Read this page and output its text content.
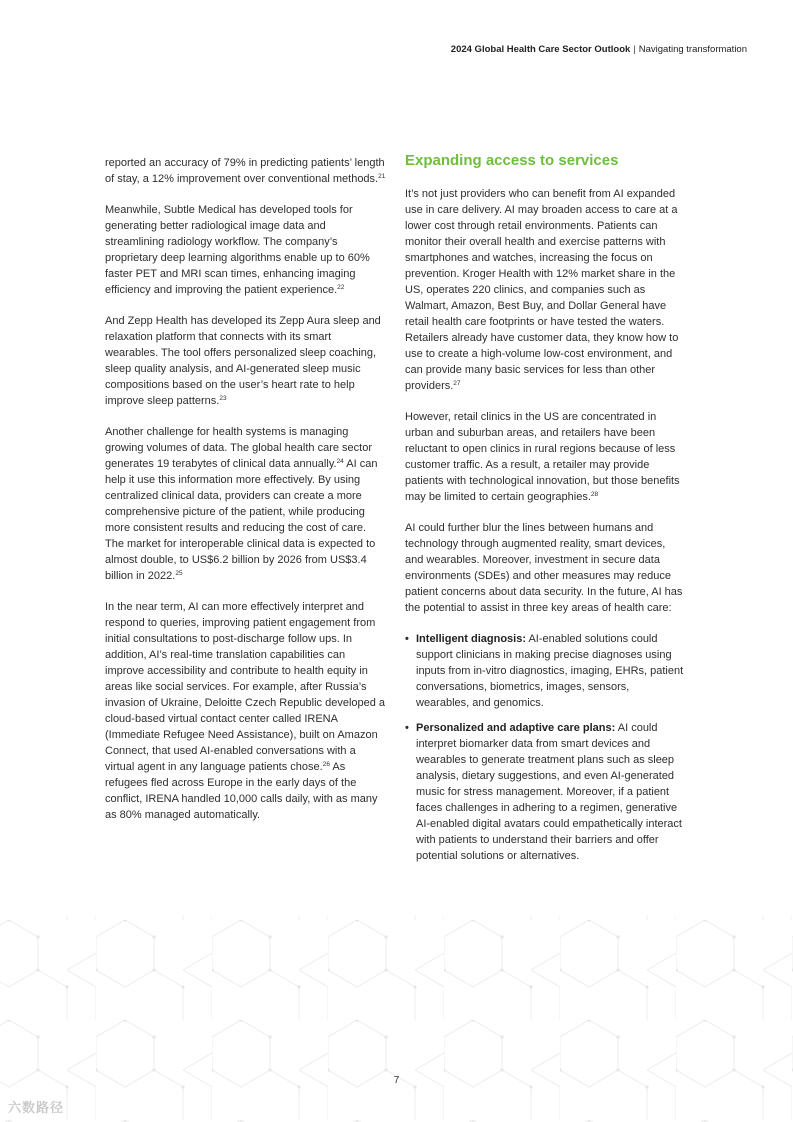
2024 Global Health Care Sector Outlook | Navigating transformation

reported an accuracy of 79% in predicting patients’ length of stay, a 12% improvement over conventional methods.$^{21}$

Meanwhile, Subtle Medical has developed tools for generating better radiological image data and streamlining radiology workflow. The company’s proprietary deep learning algorithms enable up to 60% faster PET and MRI scan times, enhancing imaging efficiency and improving the patient experience.$^{22}$

And Zepp Health has developed its Zepp Aura sleep and relaxation platform that connects with its smart wearables. The tool offers personalized sleep coaching, sleep quality analysis, and AI-generated sleep music compositions based on the user’s heart rate to help improve sleep patterns.$^{23}$

Another challenge for health systems is managing growing volumes of data. The global health care sector generates 19 terabytes of clinical data annually.$^{24}$ AI can help it use this information more effectively. By using centralized clinical data, providers can create a more comprehensive picture of the patient, while producing more consistent results and reducing the cost of care. The market for interoperable clinical data is expected to almost double, to US$6.2 billion by 2026 from US$3.4 billion in 2022.25

In the near term, AI can more effectively interpret and respond to queries, improving patient engagement from initial consultations to post-discharge follow ups. In addition, AI’s real-time translation capabilities can improve accessibility and contribute to health equity in areas like social services. For example, after Russia’s invasion of Ukraine, Deloitte Czech Republic developed a cloud-based virtual contact center called IRENA (Immediate Refugee Need Assistance), built on Amazon Connect, that used AI-enabled conversations with a virtual agent in any language patients chose.$^{26}$ As refugees fled across Europe in the early days of the conflict, IRENA handled 10,000 calls daily, with as many as 80% managed automatically.

Expanding access to services

It’s not just providers who can benefit from AI expanded use in care delivery. AI may broaden access to care at a lower cost through retail environments. Patients can monitor their overall health and exercise patterns with smartphones and watches, increasing the focus on prevention. Kroger Health with 12% market share in the US, operates 220 clinics, and companies such as Walmart, Amazon, Best Buy, and Dollar General have retail health care footprints or have tested the waters. Retailers already have customer data, they know how to use to create a high-volume low-cost environment, and can provide many basic services for less than other providers.$^{27}$

However, retail clinics in the US are concentrated in urban and suburban areas, and retailers have been reluctant to open clinics in rural regions because of less customer traffic. As a result, a retailer may provide patients with technological innovation, but those benefits may be limited to certain geographies.$^{28}$

AI could further blur the lines between humans and technology through augmented reality, smart devices, and wearables. Moreover, investment in secure data environments (SDEs) and other measures may reduce patient concerns about data security. In the future, AI has the potential to assist in three key areas of health care:

• Intelligent diagnosis: AI-enabled solutions could support clinicians in making precise diagnoses using inputs from in-vitro diagnostics, imaging, EHRs, patient conversations, biometrics, images, sensors, wearables, and genomics.
• Personalized and adaptive care plans: AI could interpret biomarker data from smart devices and wearables to generate treatment plans such as sleep analysis, dietary suggestions, and even AI-generated music for stress management. Moreover, if a patient faces challenges in adhering to a regimen, generative AI-enabled digital avatars could empathetically interact with patients to understand their barriers and offer potential solutions or alternatives.
7
六数路径
